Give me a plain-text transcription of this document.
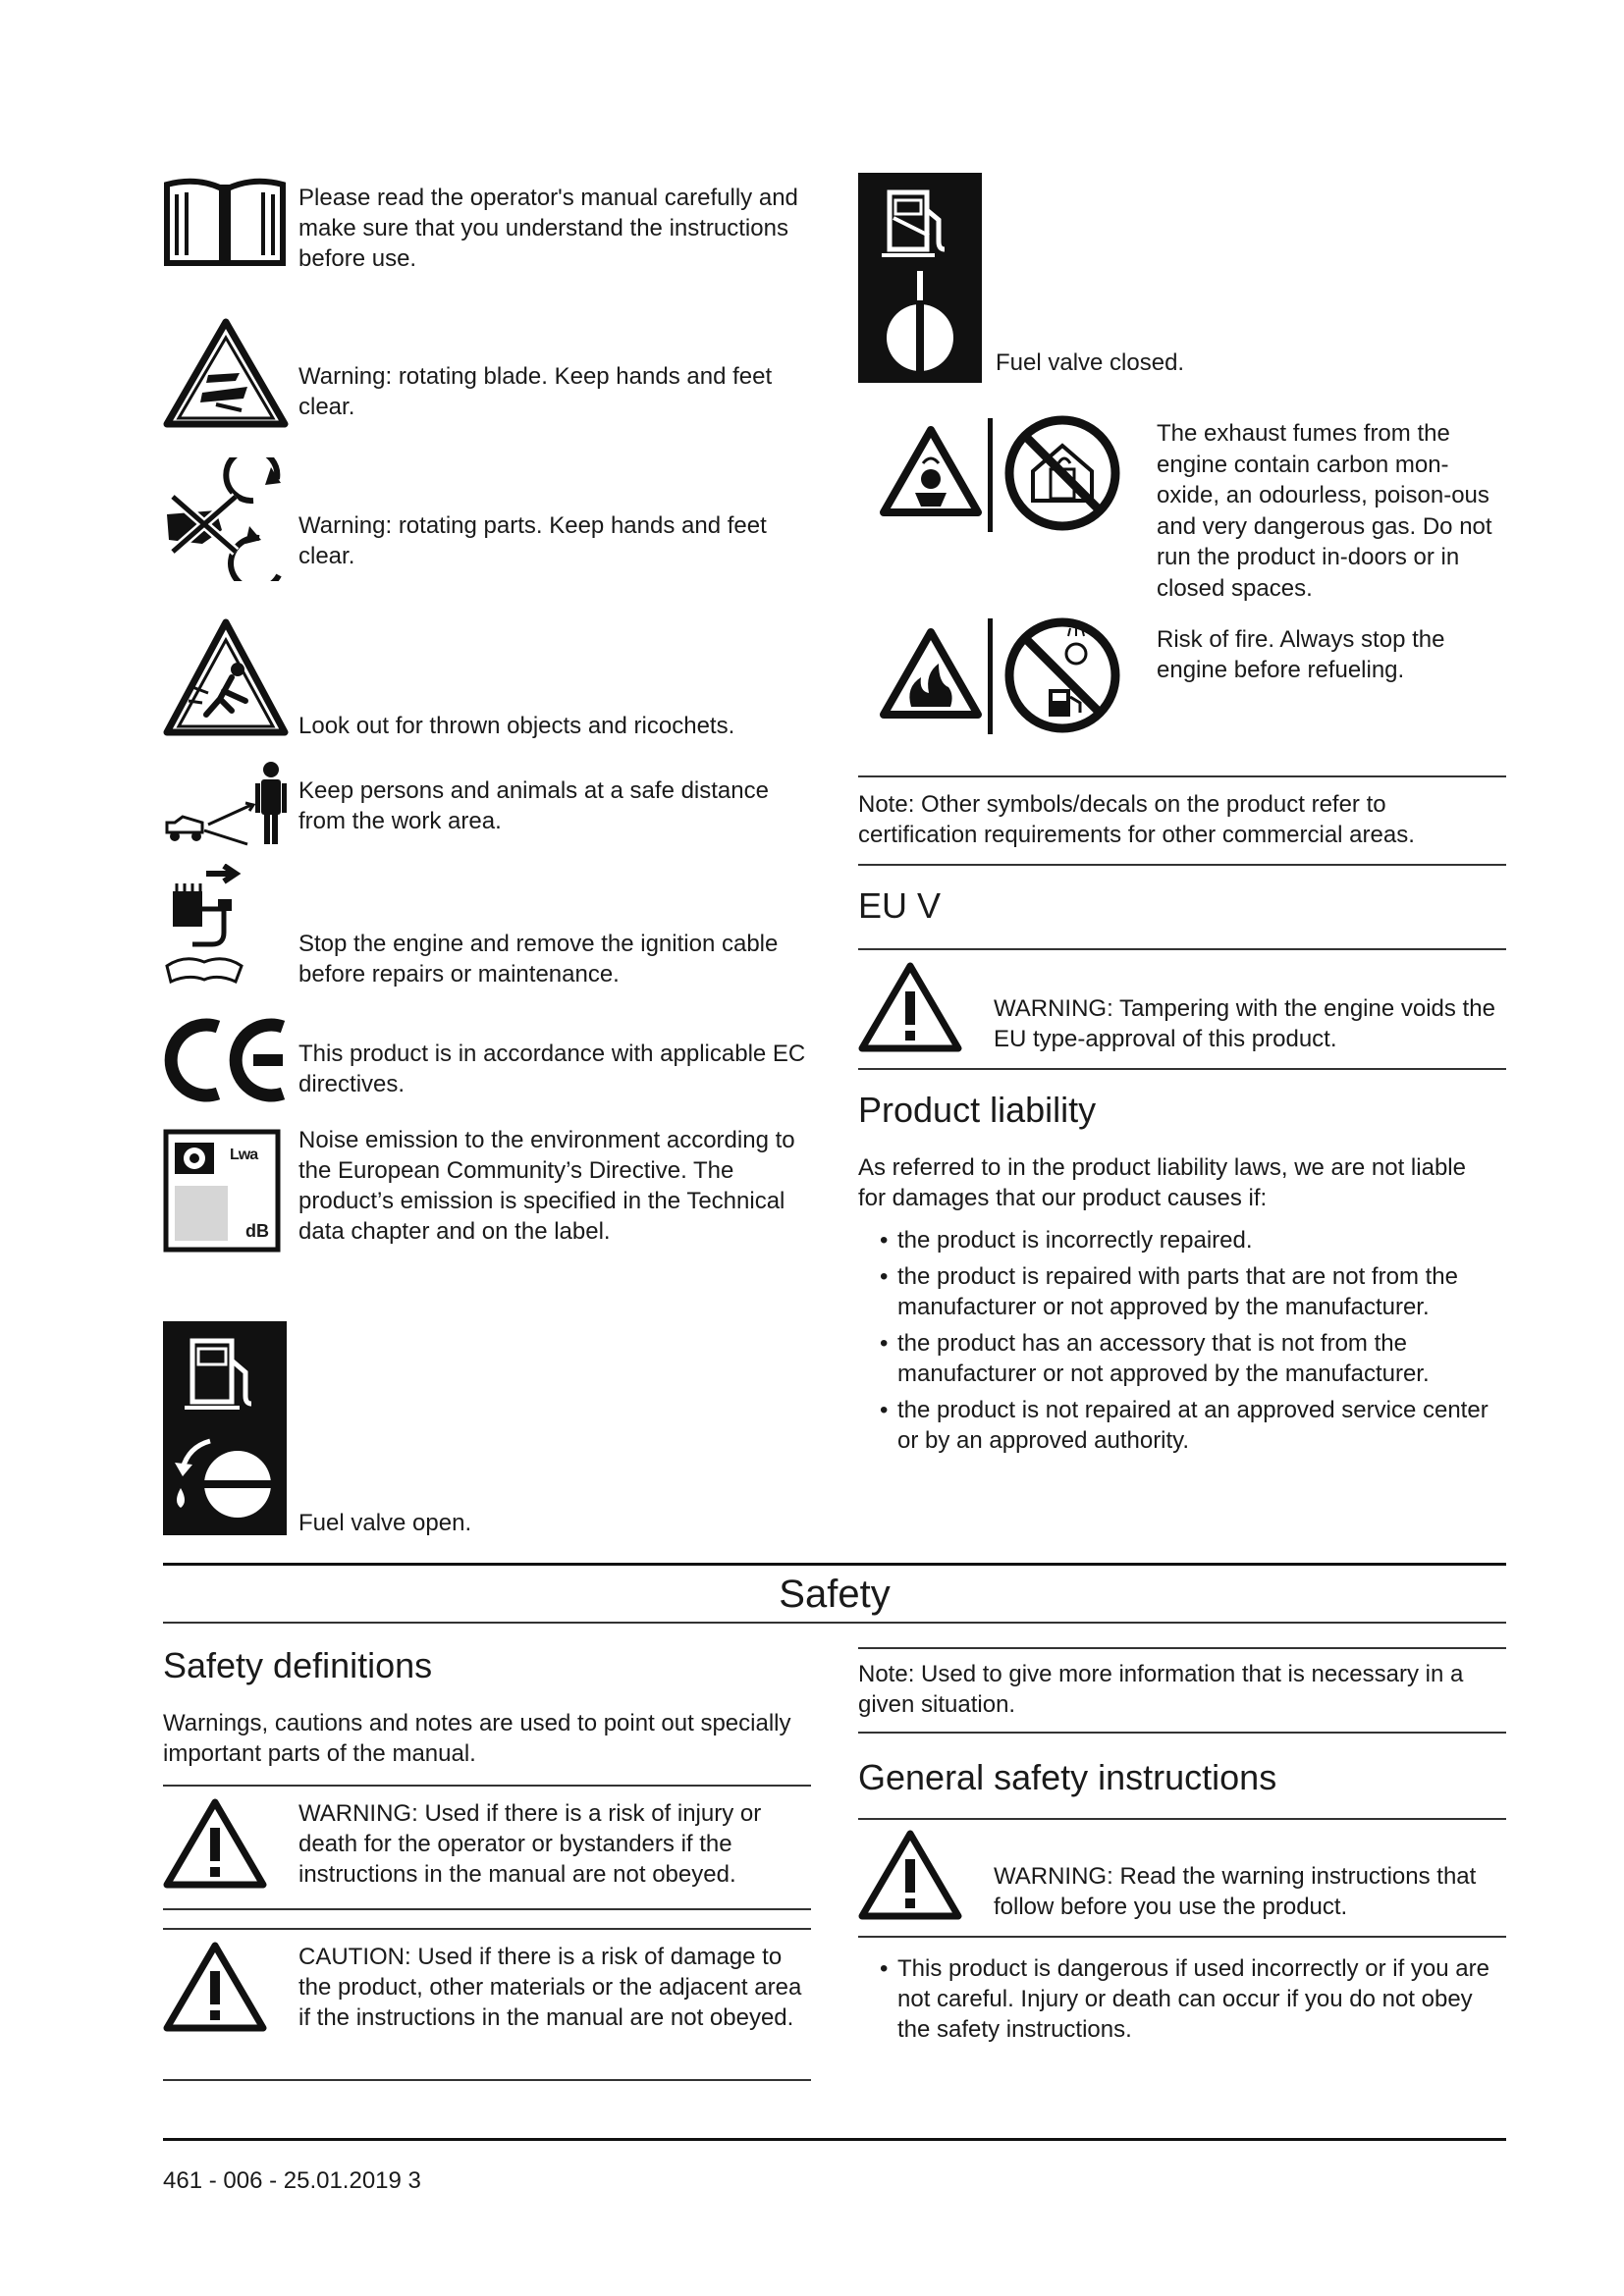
Please read the operator's manual carefully and make sure that you understand the instructions before use.
Warning: rotating blade. Keep hands and feet clear.
Warning: rotating parts. Keep hands and feet clear.
Look out for thrown objects and ricochets.
Keep persons and animals at a safe distance from the work area.
Stop the engine and remove the ignition cable before repairs or maintenance.
This product is in accordance with applicable EC directives.
Lwa
dB
Noise emission to the environment according to the European Community’s Directive. The product’s emission is specified in the Technical data chapter and on the label.
Fuel valve open.
Fuel valve closed.
The exhaust fumes from the engine contain carbon mon-oxide, an odourless, poison-ous and very dangerous gas. Do not run the product in-doors or in closed spaces.
Risk of fire. Always stop the engine before refueling.
Note: Other symbols/decals on the product refer to certification requirements for other commercial areas.
EU V
WARNING: Tampering with the engine voids the EU type-approval of this product.
Product liability
As referred to in the product liability laws, we are not liable for damages that our product causes if:
• the product is incorrectly repaired.
• the product is repaired with parts that are not from the manufacturer or not approved by the manufacturer.
• the product has an accessory that is not from the manufacturer or not approved by the manufacturer.
• the product is not repaired at an approved service center or by an approved authority.
Safety
Safety definitions
Warnings, cautions and notes are used to point out specially important parts of the manual.
WARNING: Used if there is a risk of injury or death for the operator or bystanders if the instructions in the manual are not obeyed.
CAUTION: Used if there is a risk of damage to the product, other materials or the adjacent area if the instructions in the manual are not obeyed.
Note: Used to give more information that is necessary in a given situation.
General safety instructions
WARNING: Read the warning instructions that follow before you use the product.
• This product is dangerous if used incorrectly or if you are not careful. Injury or death can occur if you do not obey the safety instructions.
461 - 006 - 25.01.2019 3
